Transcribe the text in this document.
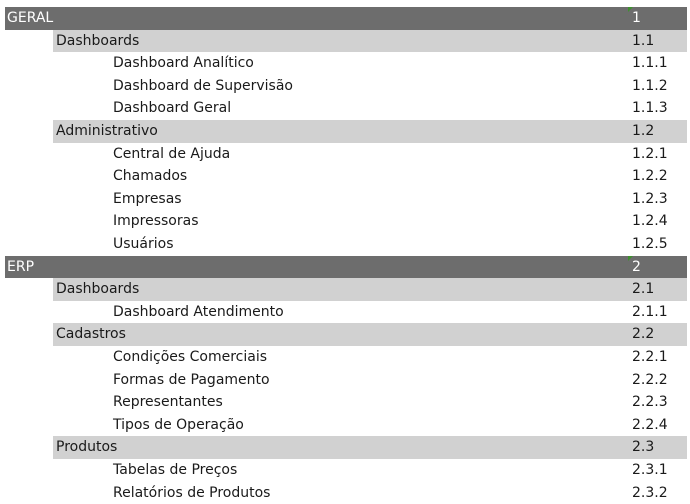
GERAL	1
Dashboards	1.1
Dashboard Analítico	1.1.1
Dashboard de Supervisão	1.1.2
Dashboard Geral	1.1.3
Administrativo	1.2
Central de Ajuda	1.2.1
Chamados	1.2.2
Empresas	1.2.3
Impressoras	1.2.4
Usuários	1.2.5
ERP	2
Dashboards	2.1
Dashboard Atendimento	2.1.1
Cadastros	2.2
Condições Comerciais	2.2.1
Formas de Pagamento	2.2.2
Representantes	2.2.3
Tipos de Operação	2.2.4
Produtos	2.3
Tabelas de Preços	2.3.1
Relatórios de Produtos	2.3.2
